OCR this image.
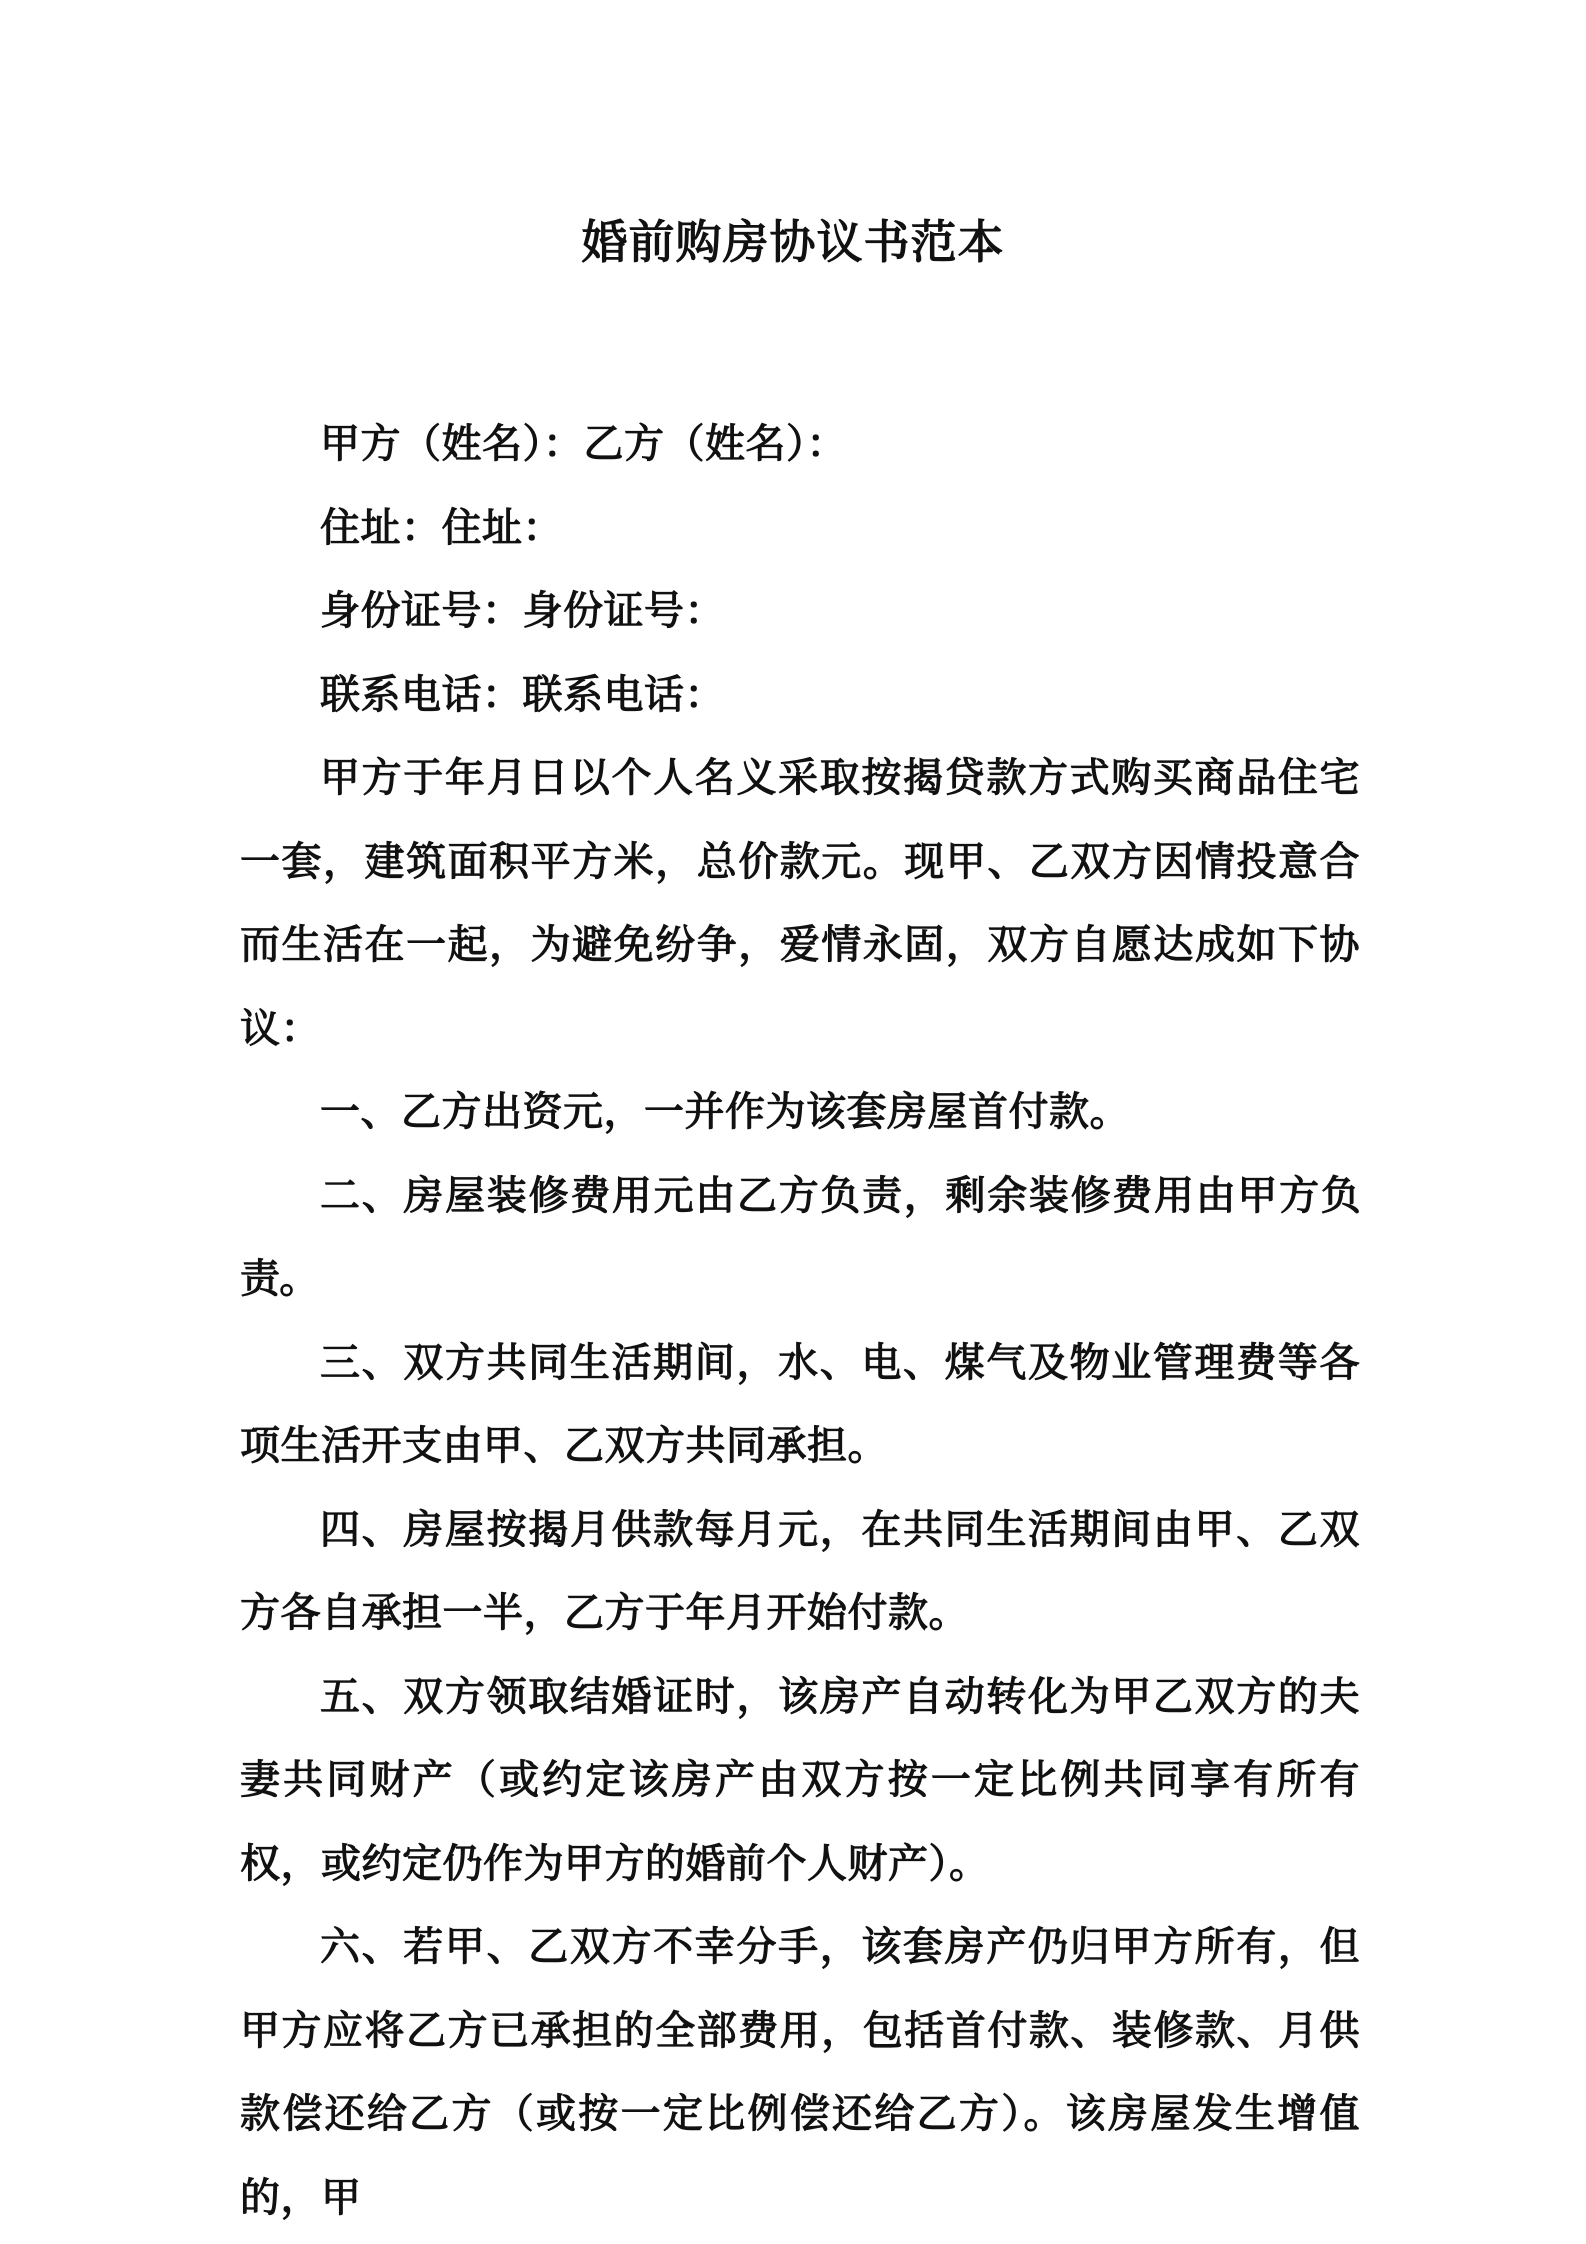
婚前购房协议书范本

甲方（姓名）：乙方（姓名）：

住址：住址：

身份证号：身份证号：

联系电话：联系电话：

甲方于年月日以个人名义采取按揭贷款方式购买商品住宅一套，建筑面积平方米，总价款元。现甲、乙双方因情投意合而生活在一起，为避免纷争，爱情永固，双方自愿达成如下协议：

一、乙方出资元，一并作为该套房屋首付款。

二、房屋装修费用元由乙方负责，剩余装修费用由甲方负责。

三、双方共同生活期间，水、电、煤气及物业管理费等各项生活开支由甲、乙双方共同承担。

四、房屋按揭月供款每月元，在共同生活期间由甲、乙双方各自承担一半，乙方于年月开始付款。

五、双方领取结婚证时，该房产自动转化为甲乙双方的夫妻共同财产（或约定该房产由双方按一定比例共同享有所有权，或约定仍作为甲方的婚前个人财产）。

六、若甲、乙双方不幸分手，该套房产仍归甲方所有，但甲方应将乙方已承担的全部费用，包括首付款、装修款、月供款偿还给乙方（或按一定比例偿还给乙方）。该房屋发生增值的，甲
